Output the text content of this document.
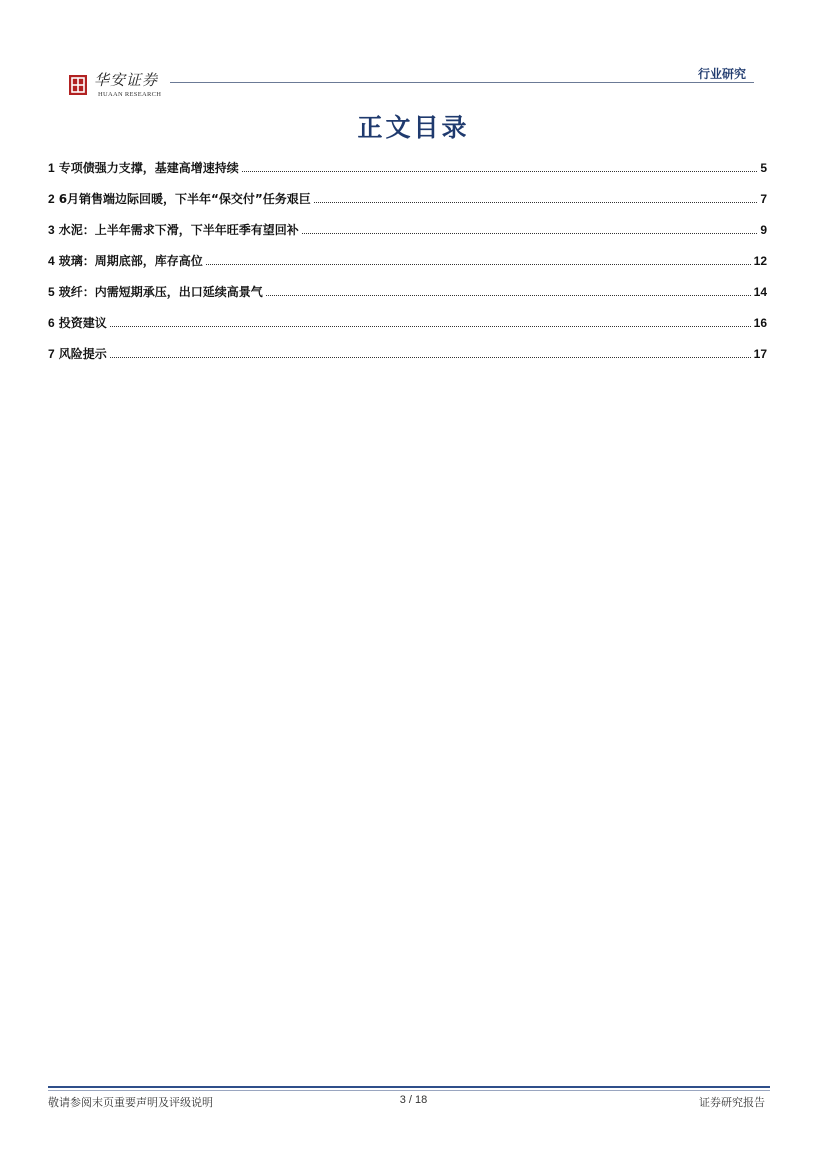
华安证券
HUAAN RESEARCH
行业研究
正文目录
1 专项债强力支撑，基建高增速持续	5
2 6月销售端边际回暖，下半年“保交付”任务艰巨	7
3 水泥：上半年需求下滑，下半年旺季有望回补	9
4 玻璃：周期底部，库存高位	12
5 玻纤：内需短期承压，出口延续高景气	14
6 投资建议	16
7 风险提示	17
敬请参阅末页重要声明及评级说明	3 / 18	证券研究报告
